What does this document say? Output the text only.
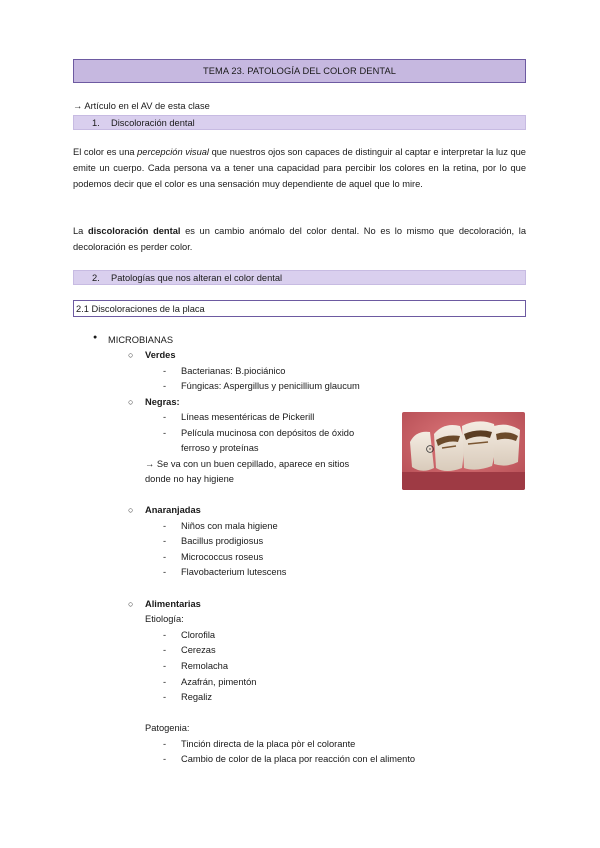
TEMA 23. PATOLOGÍA DEL COLOR DENTAL
→ Artículo en el AV de esta clase
1.	Discoloración dental

El color es una percepción visual que nuestros ojos son capaces de distinguir al captar e interpretar la luz que emite un cuerpo. Cada persona va a tener una capacidad para percibir los colores en la retina, por lo que podemos decir que el color es una sensación muy dependiente de aquel que lo mire.

La discoloración dental es un cambio anómalo del color dental. No es lo mismo que decoloración, la decoloración es perder color.

2.	Patologías que nos alteran el color dental
2.1 Discoloraciones de la placa
● MICROBIANAS
○ Verdes
- Bacterianas: B.piociánico
- Fúngicas: Aspergillus y penicillium glaucum
○ Negras:
- Líneas mesentéricas de Pickerill
- Película mucinosa con depósitos de óxido
ferroso y proteínas
→ Se va con un buen cepillado, aparece en sitios
donde no hay higiene
○ Anaranjadas
- Niños con mala higiene
- Bacillus prodigiosus
- Micrococcus roseus
- Flavobacterium lutescens
○ Alimentarias
Etiología:
- Clorofila
- Cerezas
- Remolacha
- Azafrán, pimentón
- Regaliz
Patogenia:
- Tinción directa de la placa pòr el colorante
- Cambio de color de la placa por reacción con el alimento
